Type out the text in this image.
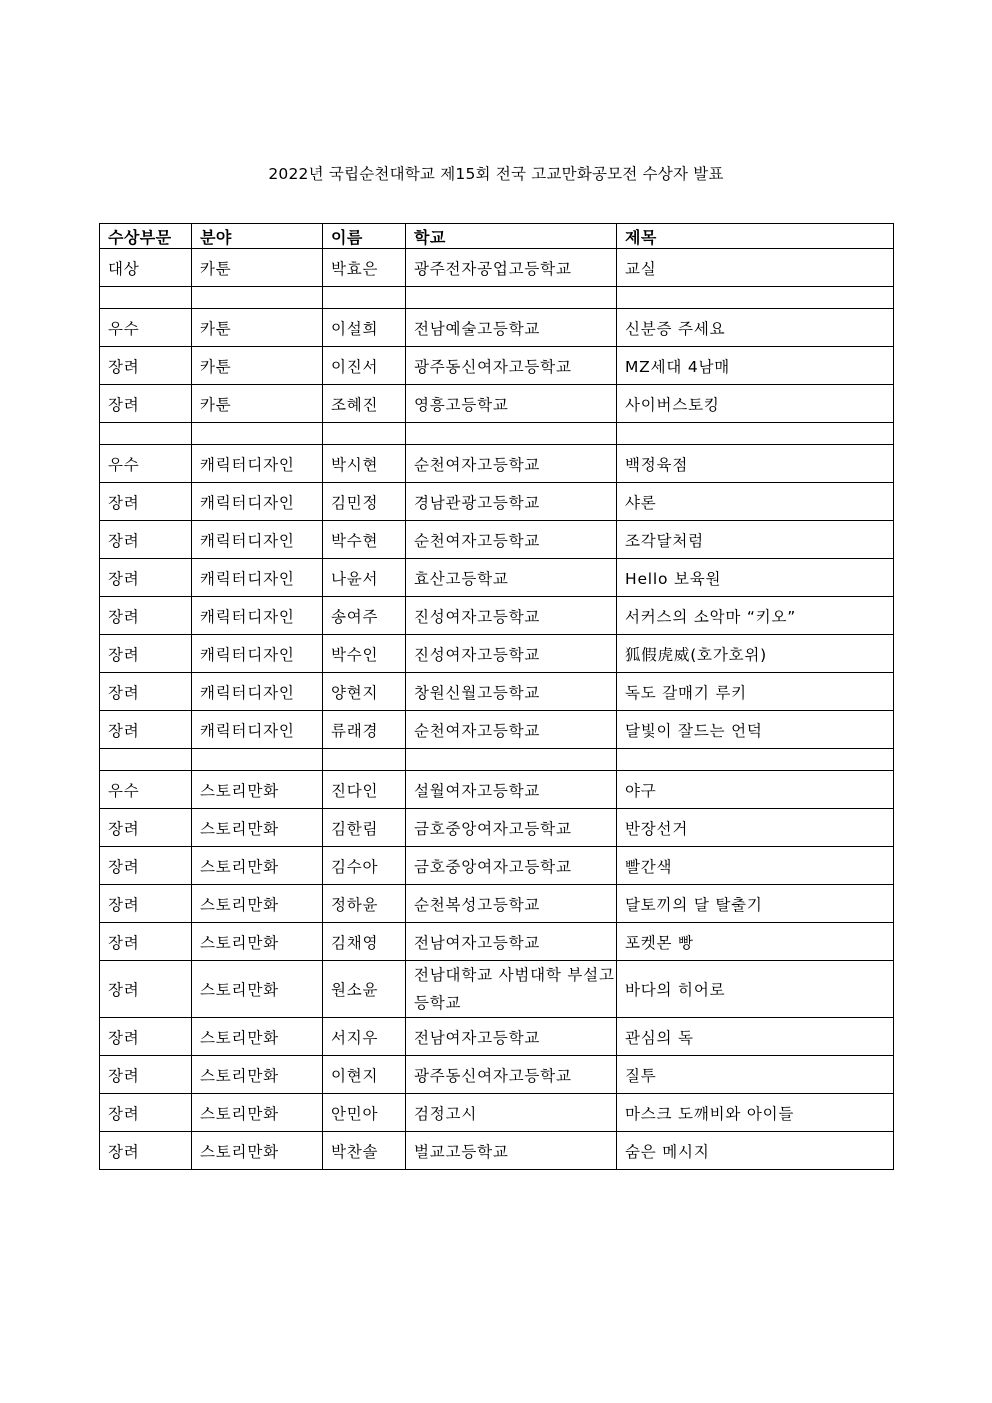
2022년 국립순천대학교 제15회 전국 고교만화공모전 수상자 발표
수상부문	분야	이름	학교	제목
대상	카툰	박효은	광주전자공업고등학교	교실

우수	카툰	이설희	전남예술고등학교	신분증 주세요
장려	카툰	이진서	광주동신여자고등학교	MZ세대 4남매
장려	카툰	조혜진	영흥고등학교	사이버스토킹

우수	캐릭터디자인	박시현	순천여자고등학교	백정육점
장려	캐릭터디자인	김민정	경남관광고등학교	샤론
장려	캐릭터디자인	박수현	순천여자고등학교	조각달처럼
장려	캐릭터디자인	나윤서	효산고등학교	Hello 보육원
장려	캐릭터디자인	송여주	진성여자고등학교	서커스의 소악마 “키오”
장려	캐릭터디자인	박수인	진성여자고등학교	狐假虎威(호가호위)
장려	캐릭터디자인	양현지	창원신월고등학교	독도 갈매기 루키
장려	캐릭터디자인	류래경	순천여자고등학교	달빛이 잘드는 언덕

우수	스토리만화	진다인	설월여자고등학교	야구
장려	스토리만화	김한림	금호중앙여자고등학교	반장선거
장려	스토리만화	김수아	금호중앙여자고등학교	빨간색
장려	스토리만화	정하윤	순천복성고등학교	달토끼의 달 탈출기
장려	스토리만화	김채영	전남여자고등학교	포켓몬 빵
장려	스토리만화	원소윤	전남대학교 사범대학 부설고등학교	바다의 히어로
장려	스토리만화	서지우	전남여자고등학교	관심의 독
장려	스토리만화	이현지	광주동신여자고등학교	질투
장려	스토리만화	안민아	검정고시	마스크 도깨비와 아이들
장려	스토리만화	박찬솔	벌교고등학교	숨은 메시지
